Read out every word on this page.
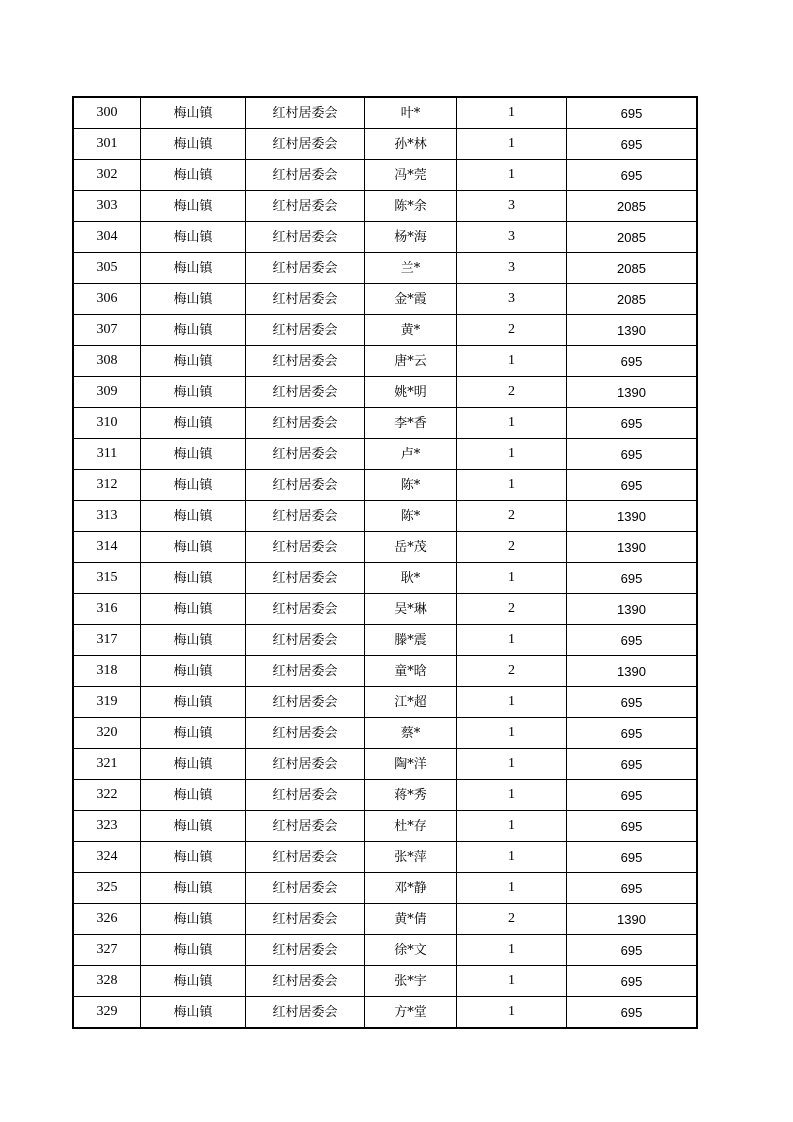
300	梅山镇	红村居委会	叶*	1	695
301	梅山镇	红村居委会	孙*林	1	695
302	梅山镇	红村居委会	冯*莞	1	695
303	梅山镇	红村居委会	陈*余	3	2085
304	梅山镇	红村居委会	杨*海	3	2085
305	梅山镇	红村居委会	兰*	3	2085
306	梅山镇	红村居委会	金*霞	3	2085
307	梅山镇	红村居委会	黄*	2	1390
308	梅山镇	红村居委会	唐*云	1	695
309	梅山镇	红村居委会	姚*明	2	1390
310	梅山镇	红村居委会	李*香	1	695
311	梅山镇	红村居委会	卢*	1	695
312	梅山镇	红村居委会	陈*	1	695
313	梅山镇	红村居委会	陈*	2	1390
314	梅山镇	红村居委会	岳*茂	2	1390
315	梅山镇	红村居委会	耿*	1	695
316	梅山镇	红村居委会	吴*琳	2	1390
317	梅山镇	红村居委会	滕*震	1	695
318	梅山镇	红村居委会	童*晗	2	1390
319	梅山镇	红村居委会	江*超	1	695
320	梅山镇	红村居委会	蔡*	1	695
321	梅山镇	红村居委会	陶*洋	1	695
322	梅山镇	红村居委会	蒋*秀	1	695
323	梅山镇	红村居委会	杜*存	1	695
324	梅山镇	红村居委会	张*萍	1	695
325	梅山镇	红村居委会	邓*静	1	695
326	梅山镇	红村居委会	黄*倩	2	1390
327	梅山镇	红村居委会	徐*文	1	695
328	梅山镇	红村居委会	张*宇	1	695
329	梅山镇	红村居委会	方*堂	1	695
